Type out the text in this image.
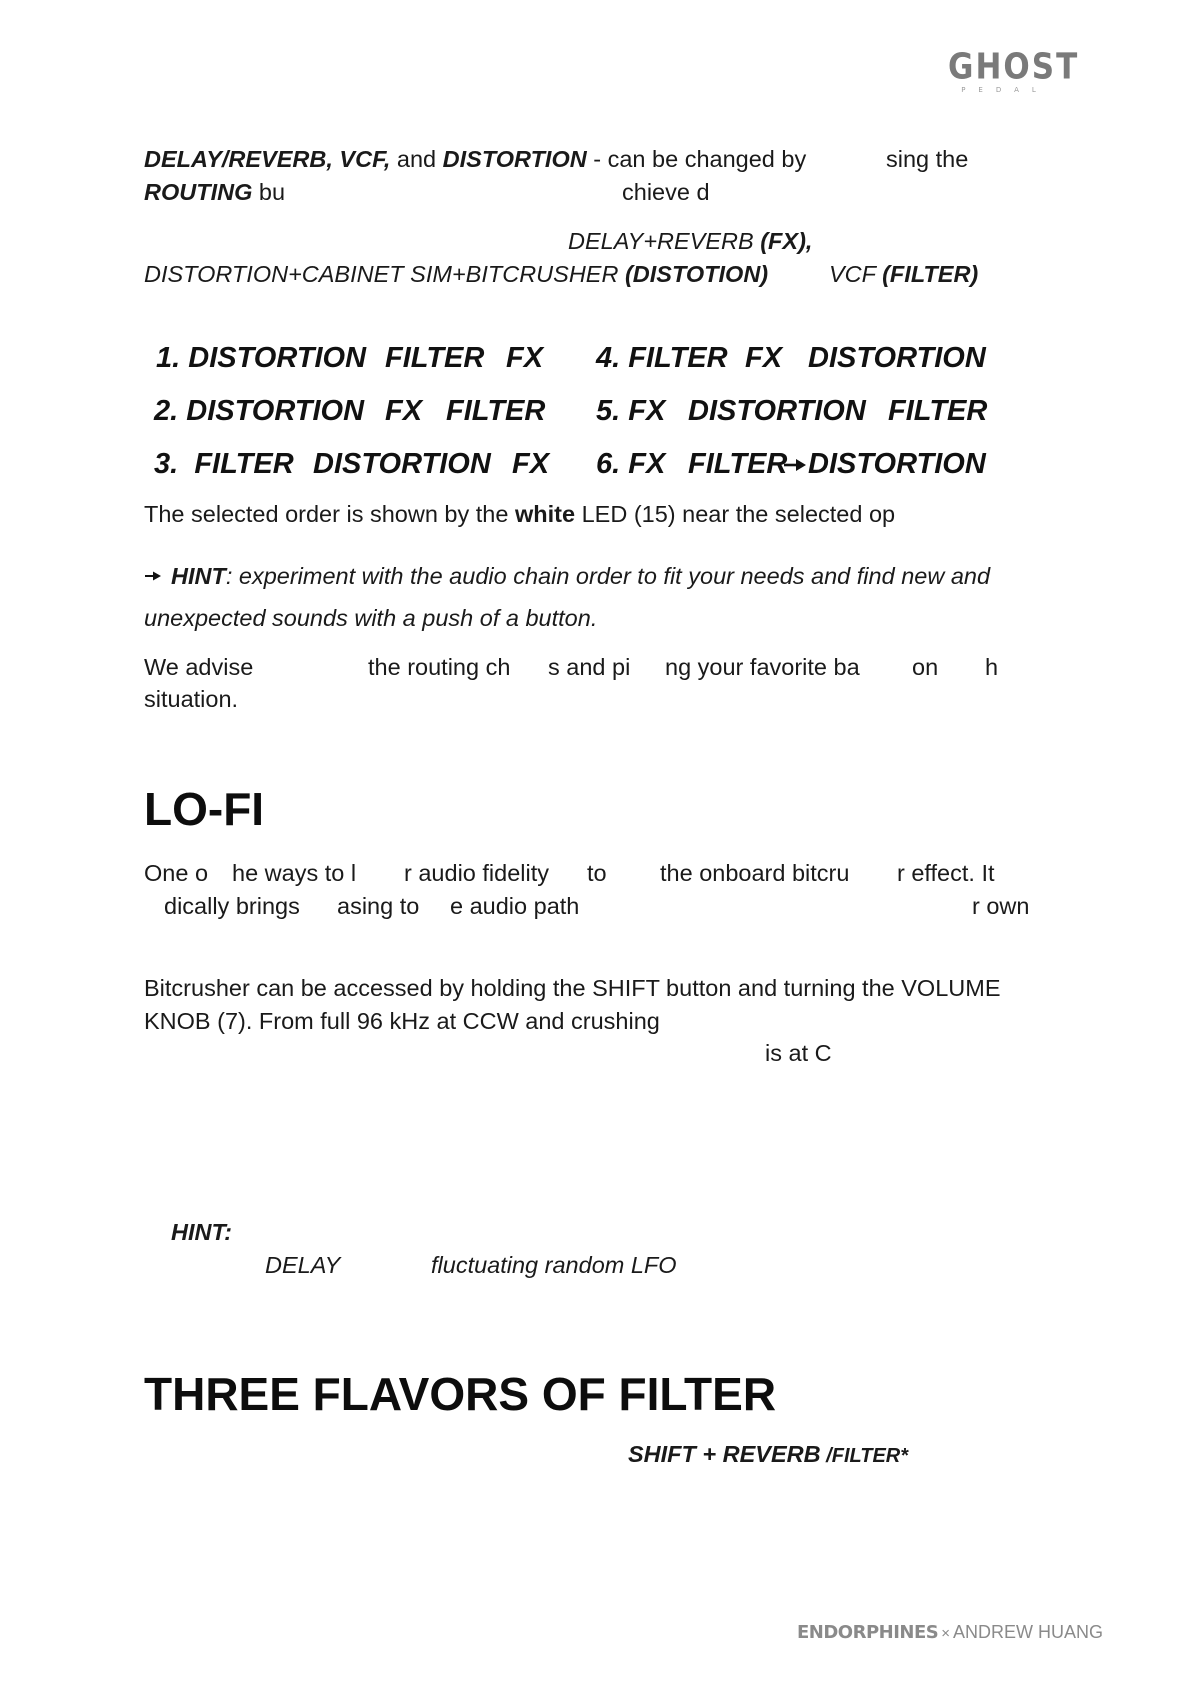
GHOST
PEDAL
DELAY/REVERB, VCF, and DISTORTION - can be changed by	sing the
ROUTING bu	chieve d
DELAY+REVERB (FX),
DISTORTION+CABINET SIM+BITCRUSHER (DISTOTION)	VCF (FILTER)
1. DISTORTION FILTER FX
2. DISTORTION FX FILTER
3. FILTER DISTORTION FX
4. FILTER FX DISTORTION
5. FX DISTORTION FILTER
6. FX FILTER DISTORTION
The selected order is shown by the white LED (15) near the selected op
HINT: experiment with the audio chain order to fit your needs and find new and
unexpected sounds with a push of a button.
We advise	the routing ch s and pi ng your favorite ba on h
situation.
LO-FI
One o he ways to l r audio fidelity to the onboard bitcru r effect. It
dically brings asing to e audio path	r own
Bitcrusher can be accessed by holding the SHIFT button and turning the VOLUME
KNOB (7). From full 96 kHz at CCW and crushing
is at C
HINT:
DELAY	fluctuating random LFO
THREE FLAVORS OF FILTER
SHIFT + REVERB /FILTER*
ENDORPHINES × ANDREW HUANG
